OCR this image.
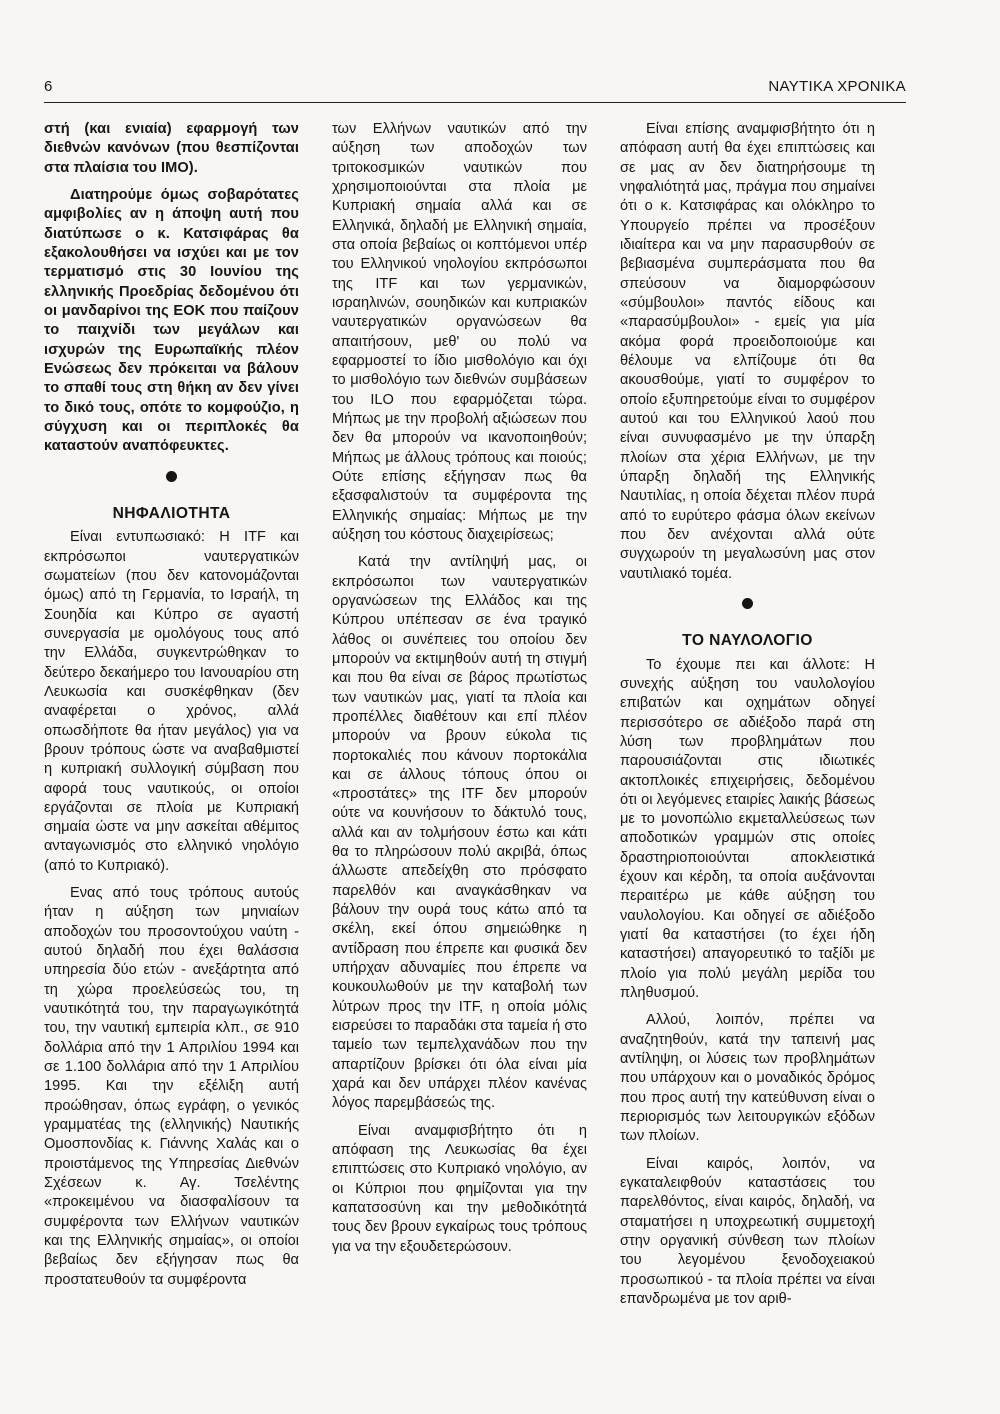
6	ΝΑΥΤΙΚΑ ΧΡΟΝΙΚΑ

στή (και ενιαία) εφαρμογή των διεθνών κανόνων (που θεσπίζονται στα πλαίσια του IMO).

Διατηρούμε όμως σοβαρότατες αμφιβολίες αν η άποψη αυτή που διατύπωσε ο κ. Κατσιφάρας θα εξακολουθήσει να ισχύει και με τον τερματισμό στις 30 Ιουνίου της ελληνικής Προεδρίας δεδομένου ότι οι μανδαρίνοι της ΕΟΚ που παίζουν το παιχνίδι των μεγάλων και ισχυρών της Ευρωπαϊκής πλέον Ενώσεως δεν πρόκειται να βάλουν το σπαθί τους στη θήκη αν δεν γίνει το δικό τους, οπότε το κομφούζιο, η σύγχυση και οι περιπλοκές θα καταστούν αναπόφευκτες.

ΝΗΦΑΛΙΟΤΗΤΑ

Είναι εντυπωσιακό: Η ITF και εκπρόσωποι ναυτεργατικών σωματείων (που δεν κατονομάζονται όμως) από τη Γερμανία, το Ισραήλ, τη Σουηδία και Κύπρο σε αγαστή συνεργασία με ομολόγους τους από την Ελλάδα, συγκεντρώθηκαν το δεύτερο δεκαήμερο του Ιανουαρίου στη Λευκωσία και συσκέφθηκαν (δεν αναφέρεται ο χρόνος, αλλά οπωσδήποτε θα ήταν μεγάλος) για να βρουν τρόπους ώστε να αναβαθμιστεί η κυπριακή συλλογική σύμβαση που αφορά τους ναυτικούς, οι οποίοι εργάζονται σε πλοία με Κυπριακή σημαία ώστε να μην ασκείται αθέμιτος ανταγωνισμός στο ελληνικό νηολόγιο (από το Κυπριακό).

Ενας από τους τρόπους αυτούς ήταν η αύξηση των μηνιαίων αποδοχών του προσοντούχου ναύτη - αυτού δηλαδή που έχει θαλάσσια υπηρεσία δύο ετών - ανεξάρτητα από τη χώρα προελεύσεώς του, τη ναυτικότητά του, την παραγωγικότητά του, την ναυτική εμπειρία κλπ., σε 910 δολλάρια από την 1 Απριλίου 1994 και σε 1.100 δολλάρια από την 1 Απριλίου 1995. Και την εξέλιξη αυτή προώθησαν, όπως εγράφη, ο γενικός γραμματέας της (ελληνικής) Ναυτικής Ομοσπονδίας κ. Γιάννης Χαλάς και ο προιστάμενος της Υπηρεσίας Διεθνών Σχέσεων κ. Αγ. Τσελέντης «προκειμένου να διασφαλίσουν τα συμφέροντα των Ελλήνων ναυτικών και της Ελληνικής σημαίας», οι οποίοι βεβαίως δεν εξήγησαν πως θα προστατευθούν τα συμφέροντα

των Ελλήνων ναυτικών από την αύξηση των αποδοχών των τριτοκοσμικών ναυτικών που χρησιμοποιούνται στα πλοία με Κυπριακή σημαία αλλά και σε Ελληνικά, δηλαδή με Ελληνική σημαία, στα οποία βεβαίως οι κοπτόμενοι υπέρ του Ελληνικού νηολογίου εκπρόσωποι της ITF και των γερμανικών, ισραηλινών, σουηδικών και κυπριακών ναυτεργατικών οργανώσεων θα απαιτήσουν, μεθ' ου πολύ να εφαρμοστεί το ίδιο μισθολόγιο και όχι το μισθολόγιο των διεθνών συμβάσεων του ILO που εφαρμόζεται τώρα. Μήπως με την προβολή αξιώσεων που δεν θα μπορούν να ικανοποιηθούν; Μήπως με άλλους τρόπους και ποιούς; Ούτε επίσης εξήγησαν πως θα εξασφαλιστούν τα συμφέροντα της Ελληνικής σημαίας: Μήπως με την αύξηση του κόστους διαχειρίσεως;

Κατά την αντίληψή μας, οι εκπρόσωποι των ναυτεργατικών οργανώσεων της Ελλάδος και της Κύπρου υπέπεσαν σε ένα τραγικό λάθος οι συνέπειες του οποίου δεν μπορούν να εκτιμηθούν αυτή τη στιγμή και που θα είναι σε βάρος πρωτίστως των ναυτικών μας, γιατί τα πλοία και προπέλλες διαθέτουν και επί πλέον μπορούν να βρουν εύκολα τις πορτοκαλιές που κάνουν πορτοκάλια και σε άλλους τόπους όπου οι «προστάτες» της ITF δεν μπορούν ούτε να κουνήσουν το δάκτυλό τους, αλλά και αν τολμήσουν έστω και κάτι θα το πληρώσουν πολύ ακριβά, όπως άλλωστε απεδείχθη στο πρόσφατο παρελθόν και αναγκάσθηκαν να βάλουν την ουρά τους κάτω από τα σκέλη, εκεί όπου σημειώθηκε η αντίδραση που έπρεπε και φυσικά δεν υπήρχαν αδυναμίες που έπρεπε να κουκουλωθούν με την καταβολή των λύτρων προς την ITF, η οποία μόλις εισρεύσει το παραδάκι στα ταμεία ή στο ταμείο των τεμπελχανάδων που την απαρτίζουν βρίσκει ότι όλα είναι μία χαρά και δεν υπάρχει πλέον κανένας λόγος παρεμβάσεώς της.

Είναι αναμφισβήτητο ότι η απόφαση της Λευκωσίας θα έχει επιπτώσεις στο Κυπριακό νηολόγιο, αν οι Κύπριοι που φημίζονται για την καπατσοσύνη και την μεθοδικότητά τους δεν βρουν εγκαίρως τους τρόπους για να την εξουδετερώσουν.

Είναι επίσης αναμφισβήτητο ότι η απόφαση αυτή θα έχει επιπτώσεις και σε μας αν δεν διατηρήσουμε τη νηφαλιότητά μας, πράγμα που σημαίνει ότι ο κ. Κατσιφάρας και ολόκληρο το Υπουργείο πρέπει να προσέξουν ιδιαίτερα και να μην παρασυρθούν σε βεβιασμένα συμπεράσματα που θα σπεύσουν να διαμορφώσουν «σύμβουλοι» παντός είδους και «παρασύμβουλοι» - εμείς για μία ακόμα φορά προειδοποιούμε και θέλουμε να ελπίζουμε ότι θα ακουσθούμε, γιατί το συμφέρον το οποίο εξυπηρετούμε είναι το συμφέρον αυτού και του Ελληνικού λαού που είναι συνυφασμένο με την ύπαρξη πλοίων στα χέρια Ελλήνων, με την ύπαρξη δηλαδή της Ελληνικής Ναυτιλίας, η οποία δέχεται πλέον πυρά από το ευρύτερο φάσμα όλων εκείνων που δεν ανέχονται αλλά ούτε συγχωρούν τη μεγαλωσύνη μας στον ναυτιλιακό τομέα.

ΤΟ ΝΑΥΛΟΛΟΓΙΟ

Το έχουμε πει και άλλοτε: Η συνεχής αύξηση του ναυλολογίου επιβατών και οχημάτων οδηγεί περισσότερο σε αδιέξοδο παρά στη λύση των προβλημάτων που παρουσιάζονται στις ιδιωτικές ακτοπλοικές επιχειρήσεις, δεδομένου ότι οι λεγόμενες εταιρίες λαικής βάσεως με το μονοπώλιο εκμεταλλεύσεως των αποδοτικών γραμμών στις οποίες δραστηριοποιούνται αποκλειστικά έχουν και κέρδη, τα οποία αυξάνονται περαιτέρω με κάθε αύξηση του ναυλολογίου. Και οδηγεί σε αδιέξοδο γιατί θα καταστήσει (το έχει ήδη καταστήσει) απαγορευτικό το ταξίδι με πλοίο για πολύ μεγάλη μερίδα του πληθυσμού.

Αλλού, λοιπόν, πρέπει να αναζητηθούν, κατά την ταπεινή μας αντίληψη, οι λύσεις των προβλημάτων που υπάρχουν και ο μοναδικός δρόμος που προς αυτή την κατεύθυνση είναι ο περιορισμός των λειτουργικών εξόδων των πλοίων.

Είναι καιρός, λοιπόν, να εγκαταλειφθούν καταστάσεις του παρελθόντος, είναι καιρός, δηλαδή, να σταματήσει η υποχρεωτική συμμετοχή στην οργανική σύνθεση των πλοίων του λεγομένου ξενοδοχειακού προσωπικού - τα πλοία πρέπει να είναι επανδρωμένα με τον αριθ-
